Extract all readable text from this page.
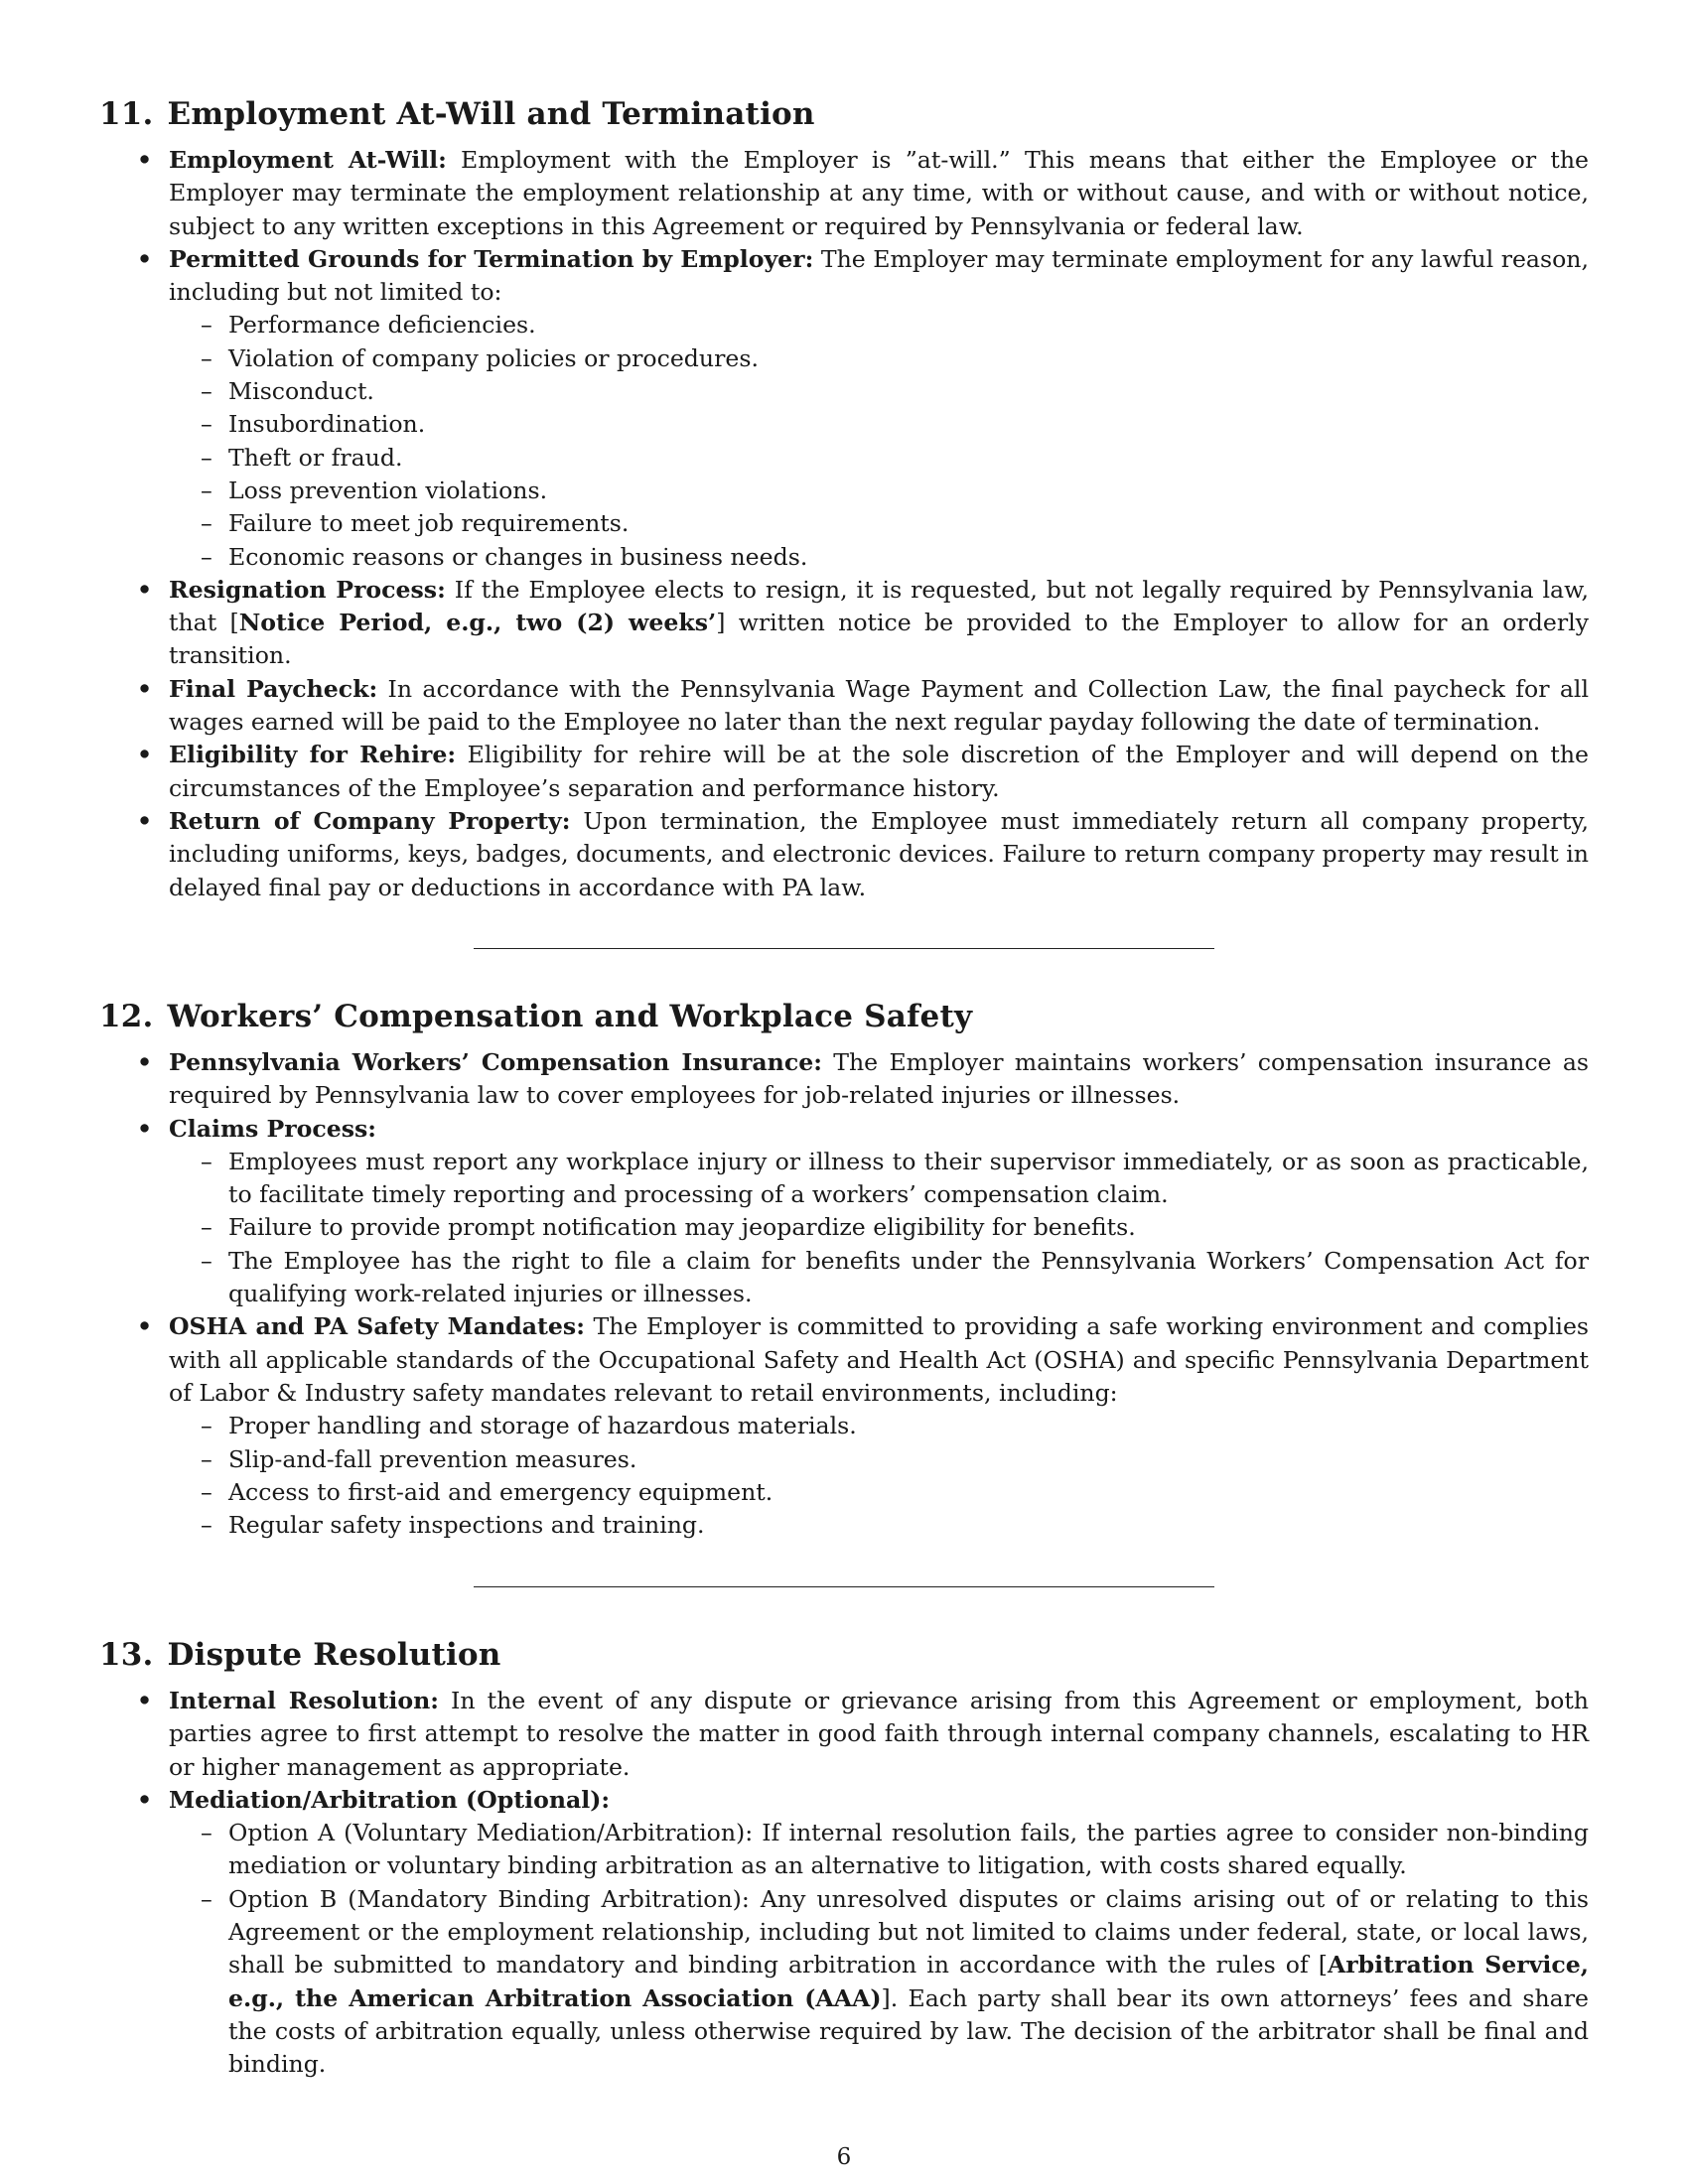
11. Employment At-Will and Termination
• Employment At-Will: Employment with the Employer is ”at-will.” This means that either the Employee or the Employer may terminate the employment relationship at any time, with or without cause, and with or without notice, subject to any written exceptions in this Agreement or required by Pennsylvania or federal law.
• Permitted Grounds for Termination by Employer: The Employer may terminate employment for any lawful reason, including but not limited to:
– Performance deficiencies.
– Violation of company policies or procedures.
– Misconduct.
– Insubordination.
– Theft or fraud.
– Loss prevention violations.
– Failure to meet job requirements.
– Economic reasons or changes in business needs.
• Resignation Process: If the Employee elects to resign, it is requested, but not legally required by Pennsylvania law, that [Notice Period, e.g., two (2) weeks’] written notice be provided to the Employer to allow for an orderly transition.
• Final Paycheck: In accordance with the Pennsylvania Wage Payment and Collection Law, the final paycheck for all wages earned will be paid to the Employee no later than the next regular payday following the date of termination.
• Eligibility for Rehire: Eligibility for rehire will be at the sole discretion of the Employer and will depend on the circumstances of the Employee’s separation and performance history.
• Return of Company Property: Upon termination, the Employee must immediately return all company property, including uniforms, keys, badges, documents, and electronic devices. Failure to return company property may result in delayed final pay or deductions in accordance with PA law.
12. Workers’ Compensation and Workplace Safety
• Pennsylvania Workers’ Compensation Insurance: The Employer maintains workers’ compensation insurance as required by Pennsylvania law to cover employees for job-related injuries or illnesses.
• Claims Process:
– Employees must report any workplace injury or illness to their supervisor immediately, or as soon as practicable, to facilitate timely reporting and processing of a workers’ compensation claim.
– Failure to provide prompt notification may jeopardize eligibility for benefits.
– The Employee has the right to file a claim for benefits under the Pennsylvania Workers’ Compensation Act for qualifying work-related injuries or illnesses.
• OSHA and PA Safety Mandates: The Employer is committed to providing a safe working environment and complies with all applicable standards of the Occupational Safety and Health Act (OSHA) and specific Pennsylvania Department of Labor & Industry safety mandates relevant to retail environments, including:
– Proper handling and storage of hazardous materials.
– Slip-and-fall prevention measures.
– Access to first-aid and emergency equipment.
– Regular safety inspections and training.
13. Dispute Resolution
• Internal Resolution: In the event of any dispute or grievance arising from this Agreement or employment, both parties agree to first attempt to resolve the matter in good faith through internal company channels, escalating to HR or higher management as appropriate.
• Mediation/Arbitration (Optional):
– Option A (Voluntary Mediation/Arbitration): If internal resolution fails, the parties agree to consider non-binding mediation or voluntary binding arbitration as an alternative to litigation, with costs shared equally.
– Option B (Mandatory Binding Arbitration): Any unresolved disputes or claims arising out of or relating to this Agreement or the employment relationship, including but not limited to claims under federal, state, or local laws, shall be submitted to mandatory and binding arbitration in accordance with the rules of [Arbitration Service, e.g., the American Arbitration Association (AAA)]. Each party shall bear its own attorneys’ fees and share the costs of arbitration equally, unless otherwise required by law. The decision of the arbitrator shall be final and binding.
6
